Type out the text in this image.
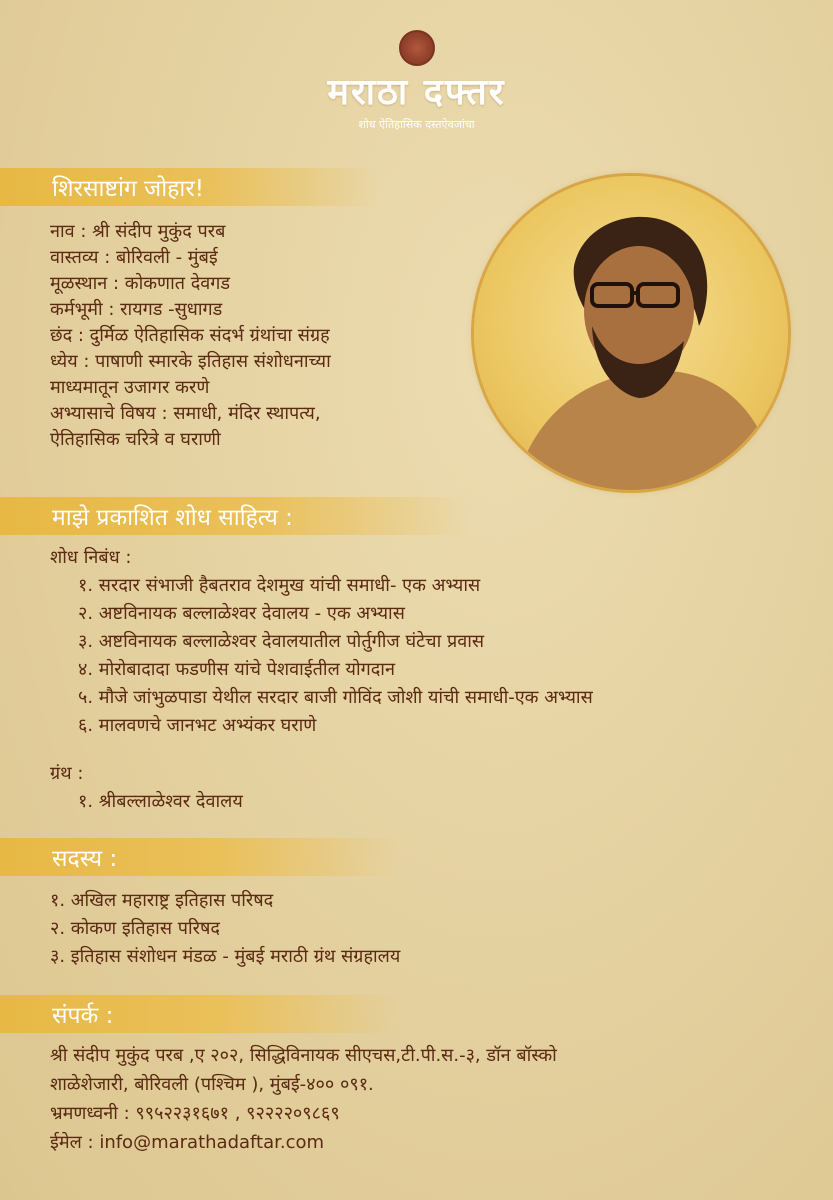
मराठा दफ्तर
शोध ऐतिहासिक दस्तऐवजांचा
शिरसाष्टांग जोहार!

नाव : श्री संदीप मुकुंद परब

वास्तव्य : बोरिवली - मुंबई

मूळस्थान : कोकणात देवगड

कर्मभूमी : रायगड -सुधागड

छंद : दुर्मिळ ऐतिहासिक संदर्भ ग्रंथांचा संग्रह

ध्येय : पाषाणी स्मारके इतिहास संशोधनाच्या

माध्यमातून उजागर करणे

अभ्यासाचे विषय : समाधी, मंदिर स्थापत्य,

ऐतिहासिक चरित्रे व घराणी

माझे प्रकाशित शोध साहित्य :

शोध निबंध :

१. सरदार संभाजी हैबतराव देशमुख यांची समाधी- एक अभ्यास

२. अष्टविनायक बल्लाळेश्वर देवालय - एक अभ्यास

३. अष्टविनायक बल्लाळेश्वर देवालयातील पोर्तुगीज घंटेचा प्रवास

४. मोरोबादादा फडणीस यांचे पेशवाईतील योगदान

५. मौजे जांभुळपाडा येथील सरदार बाजी गोविंद जोशी यांची समाधी-एक अभ्यास

६. मालवणचे जानभट अभ्यंकर घराणे

ग्रंथ :

१. श्रीबल्लाळेश्वर देवालय

सदस्य :

१. अखिल महाराष्ट्र इतिहास परिषद

२. कोकण इतिहास परिषद

३. इतिहास संशोधन मंडळ - मुंबई मराठी ग्रंथ संग्रहालय

संपर्क :

श्री संदीप मुकुंद परब ,ए २०२, सिद्धिविनायक सीएचस,टी.पी.स.-३, डॉन बॉस्को

शाळेशेजारी, बोरिवली (पश्चिम ), मुंबई-४०० ०९१.

भ्रमणध्वनी : ९९५२२३१६७१ , ९२२२२०९८६९

ईमेल : info@marathadaftar.com
